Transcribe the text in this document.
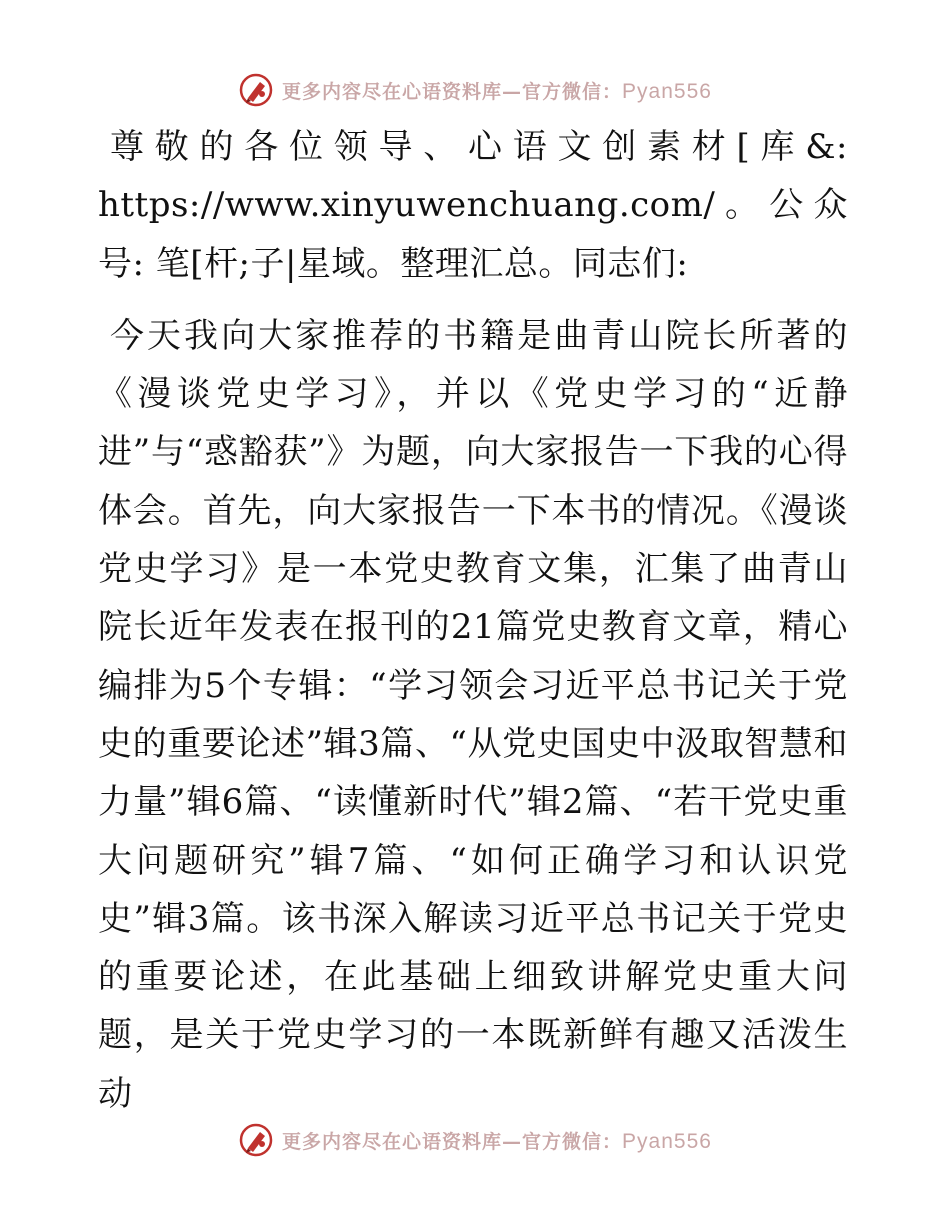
更多内容尽在心语资料库—官方微信：Pyan556

尊敬的各位领导、心语文创素材[库&: https://www.xinyuwenchuang.com/。公众号: 笔[杆;子|星域。整理汇总。同志们:

今天我向大家推荐的书籍是曲青山院长所著的《漫谈党史学习》，并以《党史学习的“近静进”与“惑豁获”》为题，向大家报告一下我的心得体会。首先，向大家报告一下本书的情况。《漫谈党史学习》是一本党史教育文集，汇集了曲青山院长近年发表在报刊的21篇党史教育文章，精心编排为5个专辑：“学习领会习近平总书记关于党史的重要论述”辑3篇、“从党史国史中汲取智慧和力量”辑6篇、“读懂新时代”辑2篇、“若干党史重大问题研究”辑7篇、“如何正确学习和认识党史”辑3篇。该书深入解读习近平总书记关于党史的重要论述，在此基础上细致讲解党史重大问题，是关于党史学习的一本既新鲜有趣又活泼生动

更多内容尽在心语资料库—官方微信：Pyan556
